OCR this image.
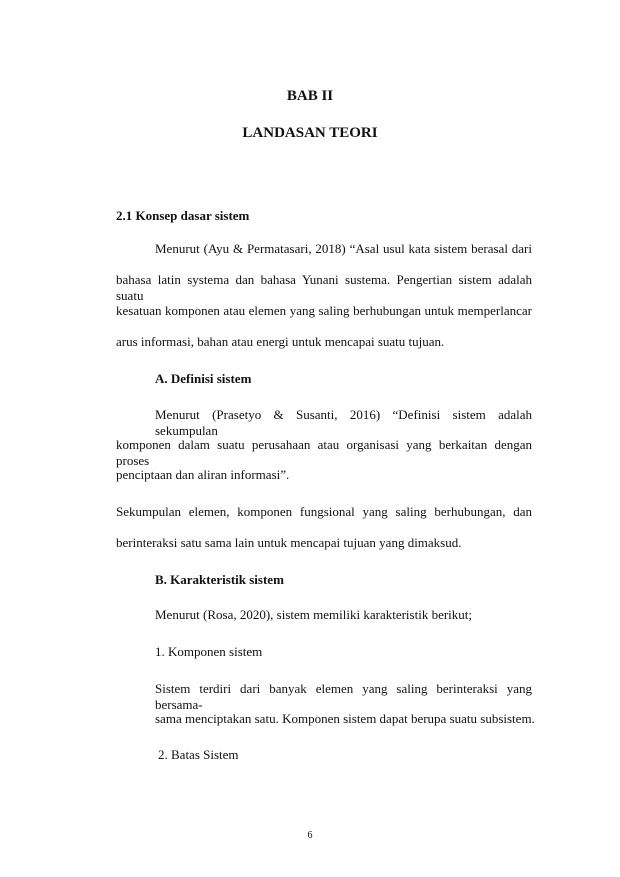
BAB II
LANDASAN TEORI
2.1 Konsep dasar sistem
Menurut (Ayu & Permatasari, 2018) “Asal usul kata sistem berasal dari
bahasa latin systema dan bahasa Yunani sustema. Pengertian sistem adalah suatu
kesatuan komponen atau elemen yang saling berhubungan untuk memperlancar
arus informasi, bahan atau energi untuk mencapai suatu tujuan.
A. Definisi sistem
Menurut (Prasetyo & Susanti, 2016) “Definisi sistem adalah sekumpulan
komponen dalam suatu perusahaan atau organisasi yang berkaitan dengan proses
penciptaan dan aliran informasi”.
Sekumpulan elemen, komponen fungsional yang saling berhubungan, dan
berinteraksi satu sama lain untuk mencapai tujuan yang dimaksud.
B. Karakteristik sistem
Menurut (Rosa, 2020), sistem memiliki karakteristik berikut;
1. Komponen sistem
Sistem terdiri dari banyak elemen yang saling berinteraksi yang bersama-
sama menciptakan satu. Komponen sistem dapat berupa suatu subsistem.
2. Batas Sistem
6
